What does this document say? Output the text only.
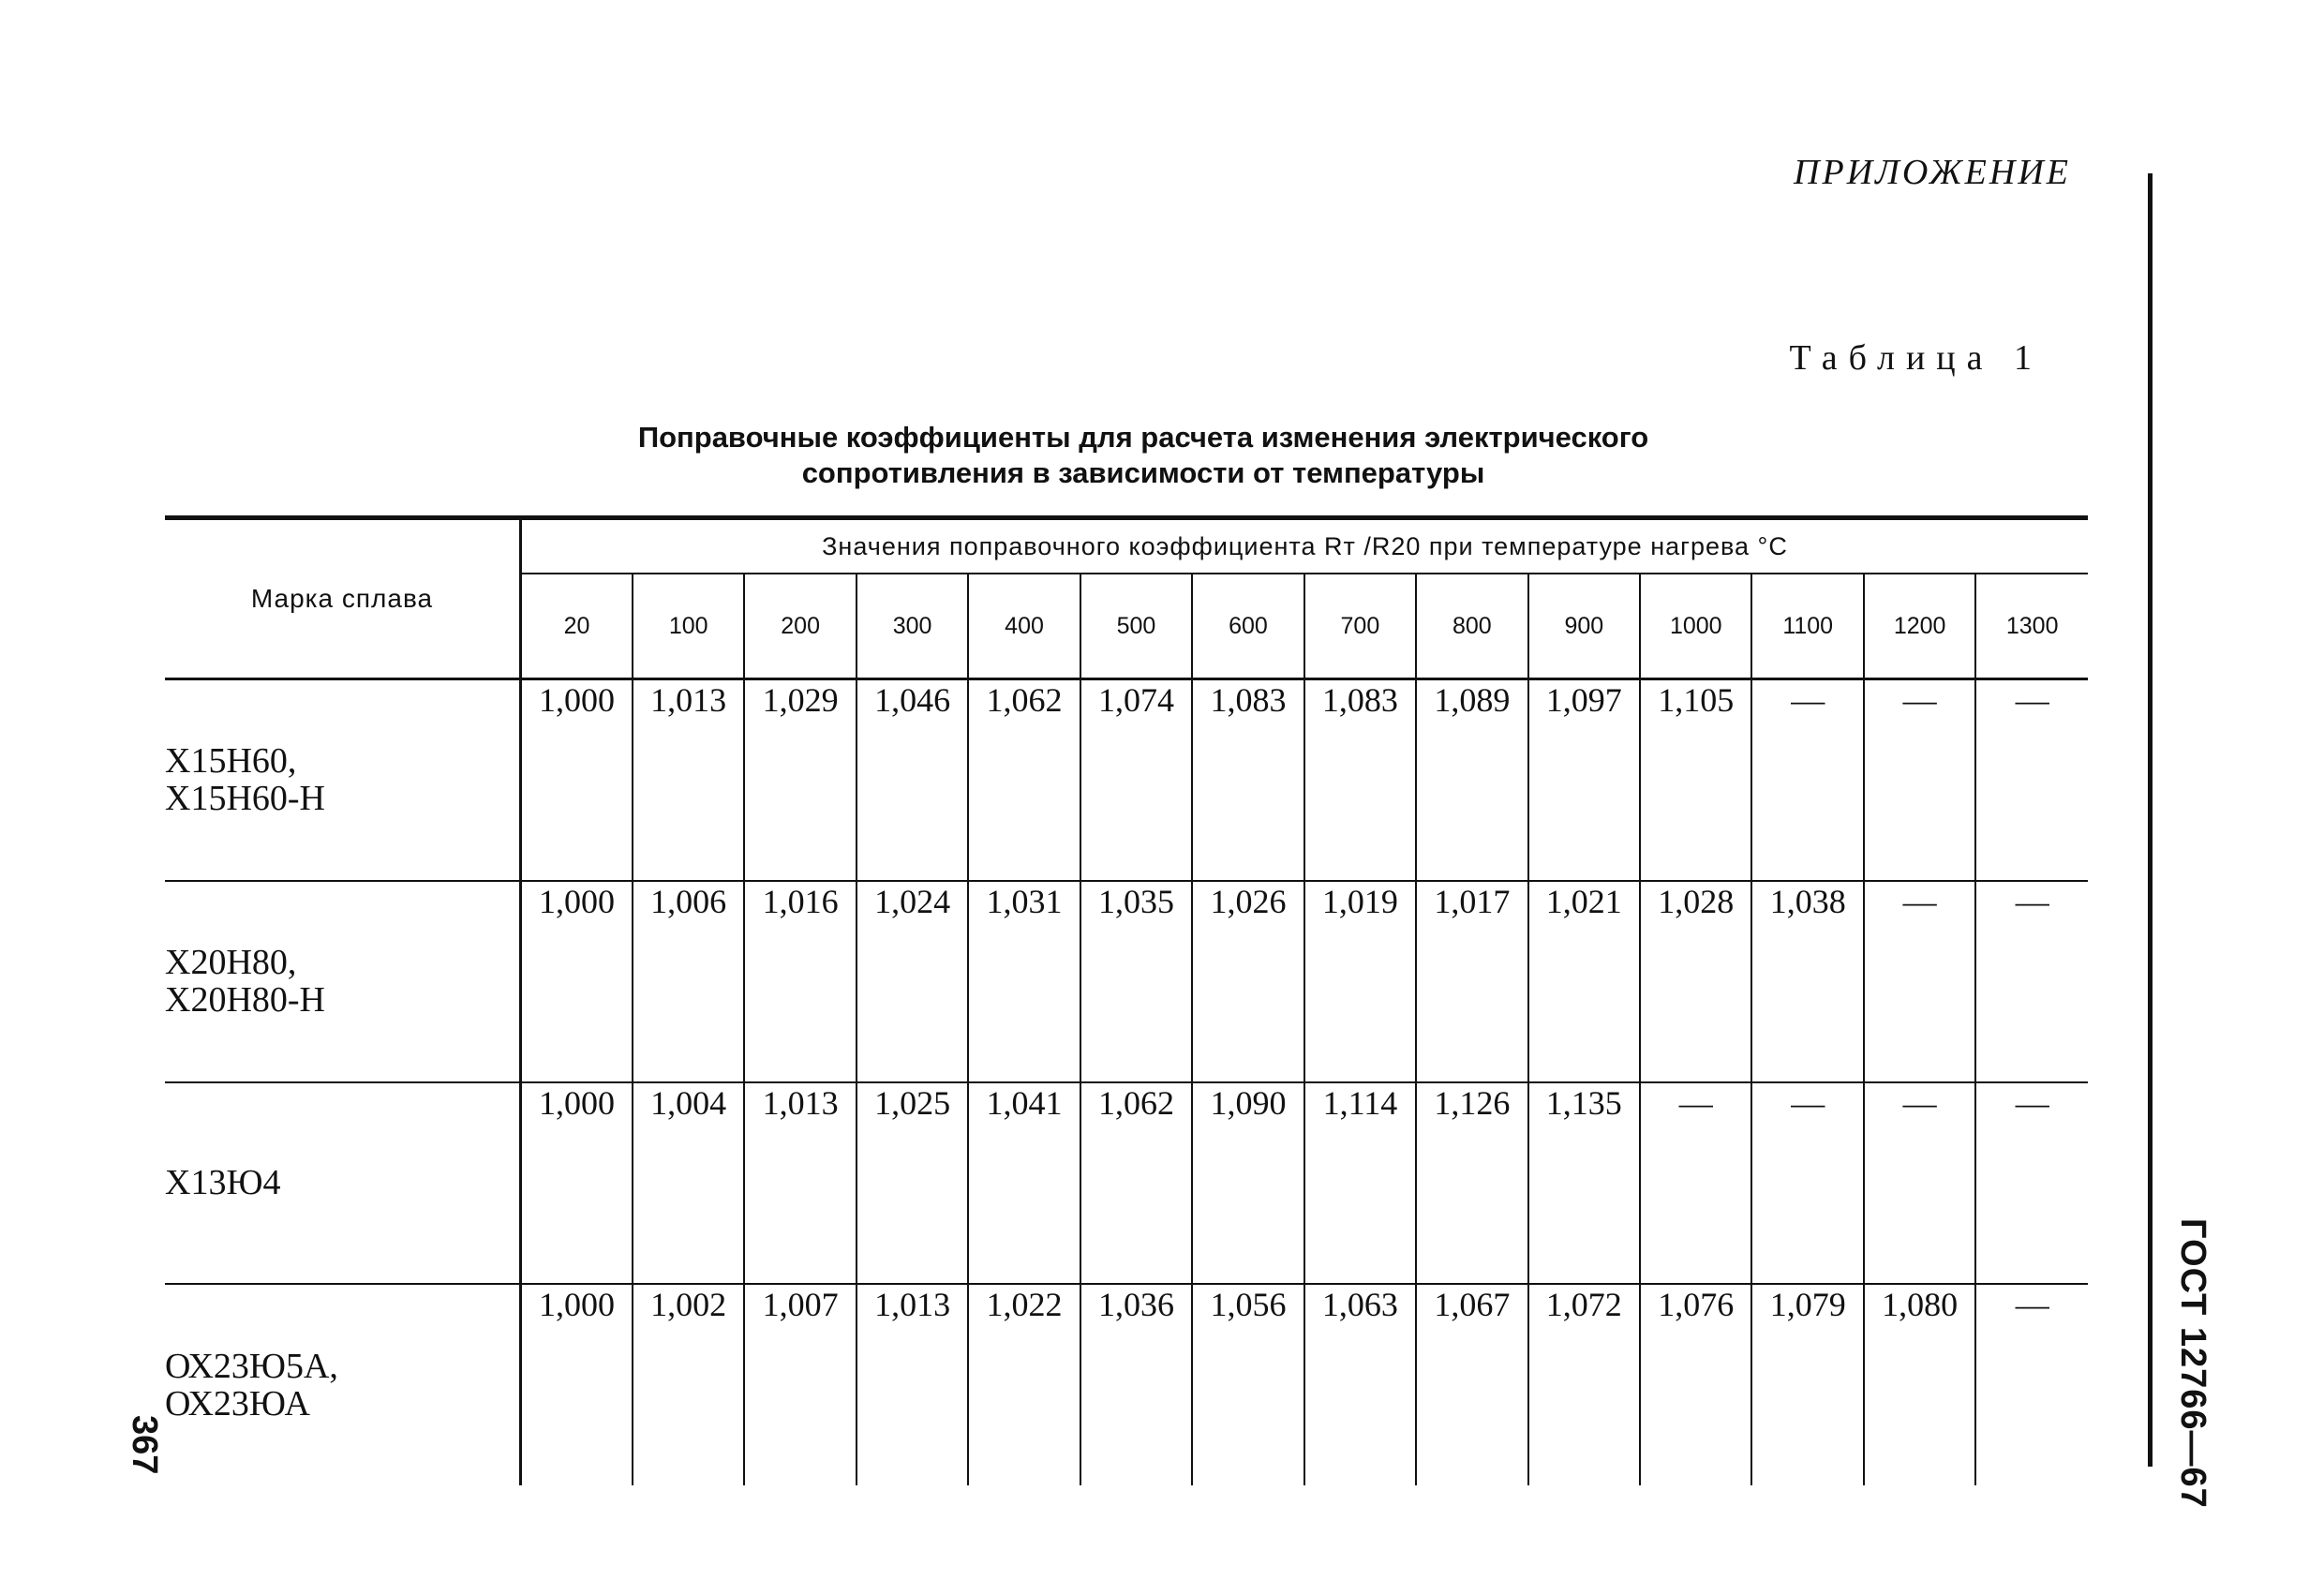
ПРИЛОЖЕНИЕ
Таблица 1
Поправочные коэффициенты для расчета изменения электрического
сопротивления в зависимости от температуры
Марка сплава	Значения поправочного коэффициента Rт /R20 при температуре нагрева °С													
	20	100	200	300	400	500	600	700	800	900	1000	1100	1200	1300

Х15Н60,
Х15Н60-Н	1,000	1,013	1,029	1,046	1,062	1,074	1,083	1,083	1,089	1,097	1,105	—	—	—

Х20Н80,
Х20Н80-Н	1,000	1,006	1,016	1,024	1,031	1,035	1,026	1,019	1,017	1,021	1,028	1,038	—	—

Х13Ю4	1,000	1,004	1,013	1,025	1,041	1,062	1,090	1,114	1,126	1,135	—	—	—	—

ОХ23Ю5А,
ОХ23ЮА	1,000	1,002	1,007	1,013	1,022	1,036	1,056	1,063	1,067	1,072	1,076	1,079	1,080	—	ГОСТ 12766—67
367
